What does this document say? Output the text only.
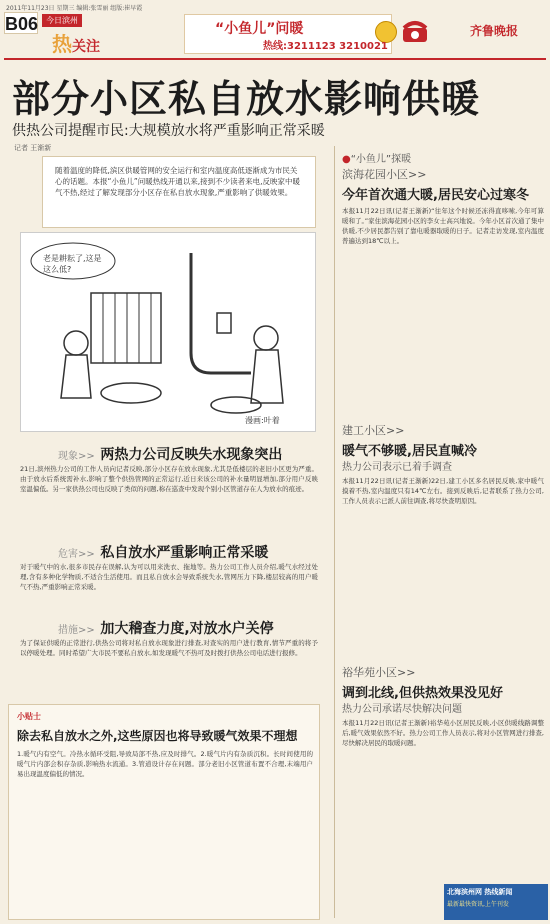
2011年11月23日 星期三 编辑:张雪丽 组版:崔早霞
B06 今日滨州
热关注
“小鱼儿”问暖
热线:3211123 3210021
齐鲁晚报
部分小区私自放水影响供暖
供热公司提醒市民:大规模放水将严重影响正常采暖
记者 王渐新
随着温度的降低,滨区供暖管网的安全运行和室内温度高低逐渐成为市民关心的话题。本报“小鱼儿”问暖热线开通以来,接到不少读者来电,反映家中暖气不热,经过了解发现部分小区存在私自放水现象,严重影响了供暖效果。
老是耕耘了,这是这么低?
漫画:叶着
现象>> 两热力公司反映失水现象突出
21日,滨州热力公司的工作人员向记者反映,部分小区存在放水现象,尤其是低楼层的老旧小区更为严重。由于放水后系统需补水,影响了整个供热管网的正常运行,近日来该公司的补水量明显增加,部分用户反映室温偏低。另一家供热公司也反映了类似的问题,称在巡查中发现个别小区管道存在人为放水的痕迹。
危害>> 私自放水严重影响正常采暖
对于暖气中的水,很多市民存在误解,认为可以用来洗衣、拖地等。热力公司工作人员介绍,暖气水经过处理,含有多种化学物质,不适合生活使用。而且私自放水会导致系统失水,管网压力下降,楼层较高的用户暖气不热,严重影响正常采暖。
措施>> 加大稽查力度,对放水户关停
为了保证供暖的正常进行,供热公司将对私自放水现象进行排查,对查实的用户进行教育,情节严重的将予以停暖处理。同时希望广大市民不要私自放水,如发现暖气不热可及时拨打供热公司电话进行报修。
小贴士
除去私自放水之外,这些原因也将导致暖气效果不理想
1.暖气内有空气。冷热水循环受阻,导致局部不热,应及时排气。2.暖气片内有杂质沉积。长时间使用的暖气片内部会积存杂质,影响热水流通。3.管道设计存在问题。部分老旧小区管道布置不合理,末端用户易出现温度偏低的情况。
●“小鱼儿”探暖
滨海花园小区>>
今年首次通大暖,居民安心过寒冬
本报11月22日讯(记者王渐新)“往年这个时候还冻得直哆嗦,今年可算暖和了。”家住滨海花园小区的李女士高兴地说。今年小区首次通了集中供暖,不少居民都告别了靠电暖器取暖的日子。记者走访发现,室内温度普遍达到18℃以上。
建工小区>>
暖气不够暖,居民直喊冷
热力公司表示已着手调查
本报11月22日讯(记者王渐新)22日,建工小区多名居民反映,家中暖气摸着不热,室内温度只有14℃左右。接到反映后,记者联系了热力公司,工作人员表示已派人前往调查,将尽快查明原因。
裕华苑小区>>
调到北线,但供热效果没见好
热力公司承诺尽快解决问题
本报11月22日讯(记者王渐新)裕华苑小区居民反映,小区供暖线路调整后,暖气效果依然不好。热力公司工作人员表示,将对小区管网进行排查,尽快解决居民的取暖问题。
北海滨州网 热线新闻
最新最快资讯,上午刊发
